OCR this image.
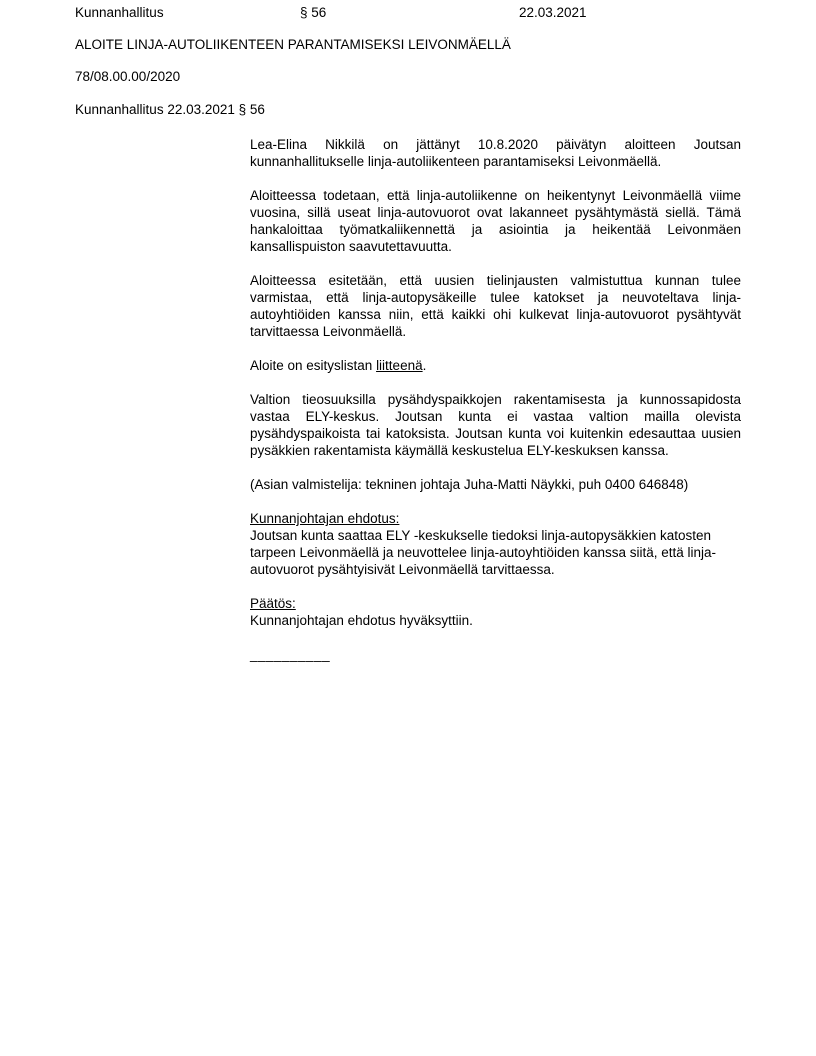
Kunnanhallitus	§ 56	22.03.2021
ALOITE LINJA-AUTOLIIKENTEEN PARANTAMISEKSI LEIVONMÄELLÄ
78/08.00.00/2020
Kunnanhallitus 22.03.2021 § 56

Lea-Elina Nikkilä on jättänyt 10.8.2020 päivätyn aloitteen Joutsan kunnanhallitukselle linja-autoliikenteen parantamiseksi Leivonmäellä.

Aloitteessa todetaan, että linja-autoliikenne on heikentynyt Leivonmäellä viime vuosina, sillä useat linja-autovuorot ovat lakanneet pysähtymästä siellä. Tämä hankaloittaa työmatkaliikennettä ja asiointia ja heikentää Leivonmäen kansallispuiston saavutettavuutta.

Aloitteessa esitetään, että uusien tielinjausten valmistuttua kunnan tulee varmistaa, että linja-autopysäkeille tulee katokset ja neuvoteltava linja-autoyhtiöiden kanssa niin, että kaikki ohi kulkevat linja-autovuorot pysähtyvät tarvittaessa Leivonmäellä.

Aloite on esityslistan liitteenä.

Valtion tieosuuksilla pysähdyspaikkojen rakentamisesta ja kunnossapidosta vastaa ELY-keskus. Joutsan kunta ei vastaa valtion mailla olevista pysähdyspaikoista tai katoksista. Joutsan kunta voi kuitenkin edesauttaa uusien pysäkkien rakentamista käymällä keskustelua ELY-keskuksen kanssa.

(Asian valmistelija: tekninen johtaja Juha-Matti Näykki, puh 0400 646848)

Kunnanjohtajan ehdotus:
Joutsan kunta saattaa ELY -keskukselle tiedoksi linja-autopysäkkien katosten tarpeen Leivonmäellä ja neuvottelee linja-autoyhtiöiden kanssa siitä, että linja-autovuorot pysähtyisivät Leivonmäellä tarvittaessa.
Päätös:
Kunnanjohtajan ehdotus hyväksyttiin.
__________
